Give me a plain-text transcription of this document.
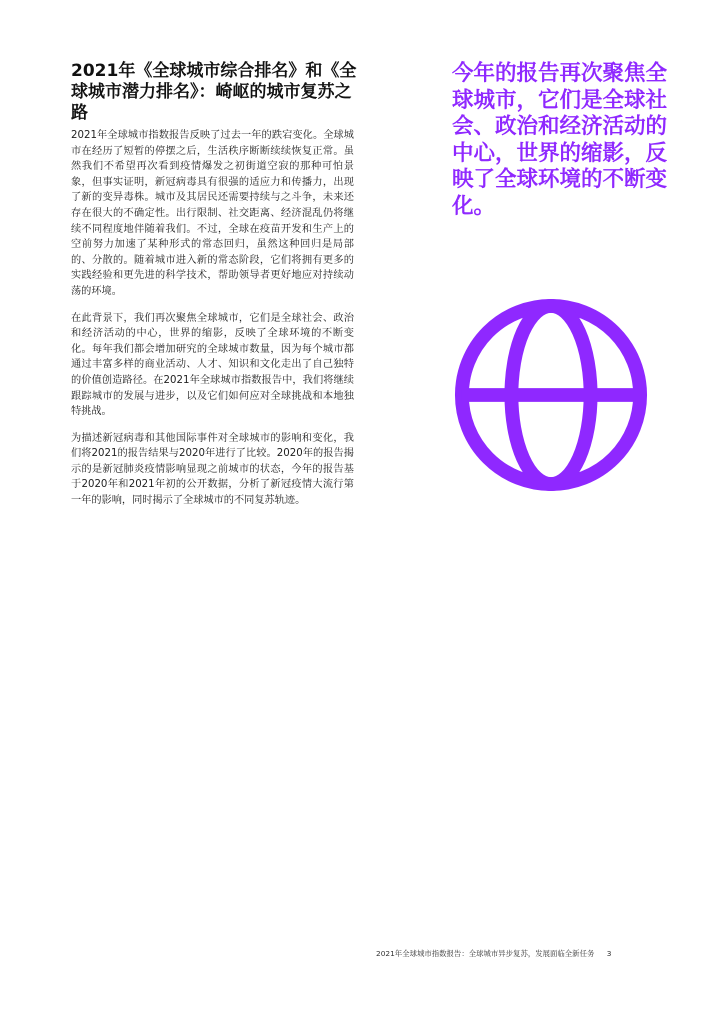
2021年《全球城市综合排名》和《全球城市潜力排名》：崎岖的城市复苏之路

2021年全球城市指数报告反映了过去一年的跌宕变化。全球城市在经历了短暂的停摆之后，生活秩序断断续续恢复正常。虽然我们不希望再次看到疫情爆发之初街道空寂的那种可怕景象，但事实证明，新冠病毒具有很强的适应力和传播力，出现了新的变异毒株。城市及其居民还需要持续与之斗争，未来还存在很大的不确定性。出行限制、社交距离、经济混乱仍将继续不同程度地伴随着我们。不过，全球在疫苗开发和生产上的空前努力加速了某种形式的常态回归，虽然这种回归是局部的、分散的。随着城市进入新的常态阶段，它们将拥有更多的实践经验和更先进的科学技术，帮助领导者更好地应对持续动荡的环境。

在此背景下，我们再次聚焦全球城市，它们是全球社会、政治和经济活动的中心，世界的缩影，反映了全球环境的不断变化。每年我们都会增加研究的全球城市数量，因为每个城市都通过丰富多样的商业活动、人才、知识和文化走出了自己独特的价值创造路径。在2021年全球城市指数报告中，我们将继续跟踪城市的发展与进步，以及它们如何应对全球挑战和本地独特挑战。

为描述新冠病毒和其他国际事件对全球城市的影响和变化，我们将2021的报告结果与2020年进行了比较。2020年的报告揭示的是新冠肺炎疫情影响显现之前城市的状态，今年的报告基于2020年和2021年初的公开数据，分析了新冠疫情大流行第一年的影响，同时揭示了全球城市的不同复苏轨迹。

今年的报告再次聚焦全球城市，它们是全球社会、政治和经济活动的中心，世界的缩影，反映了全球环境的不断变化。

2021年全球城市指数报告：全球城市异步复苏，发展面临全新任务 3
